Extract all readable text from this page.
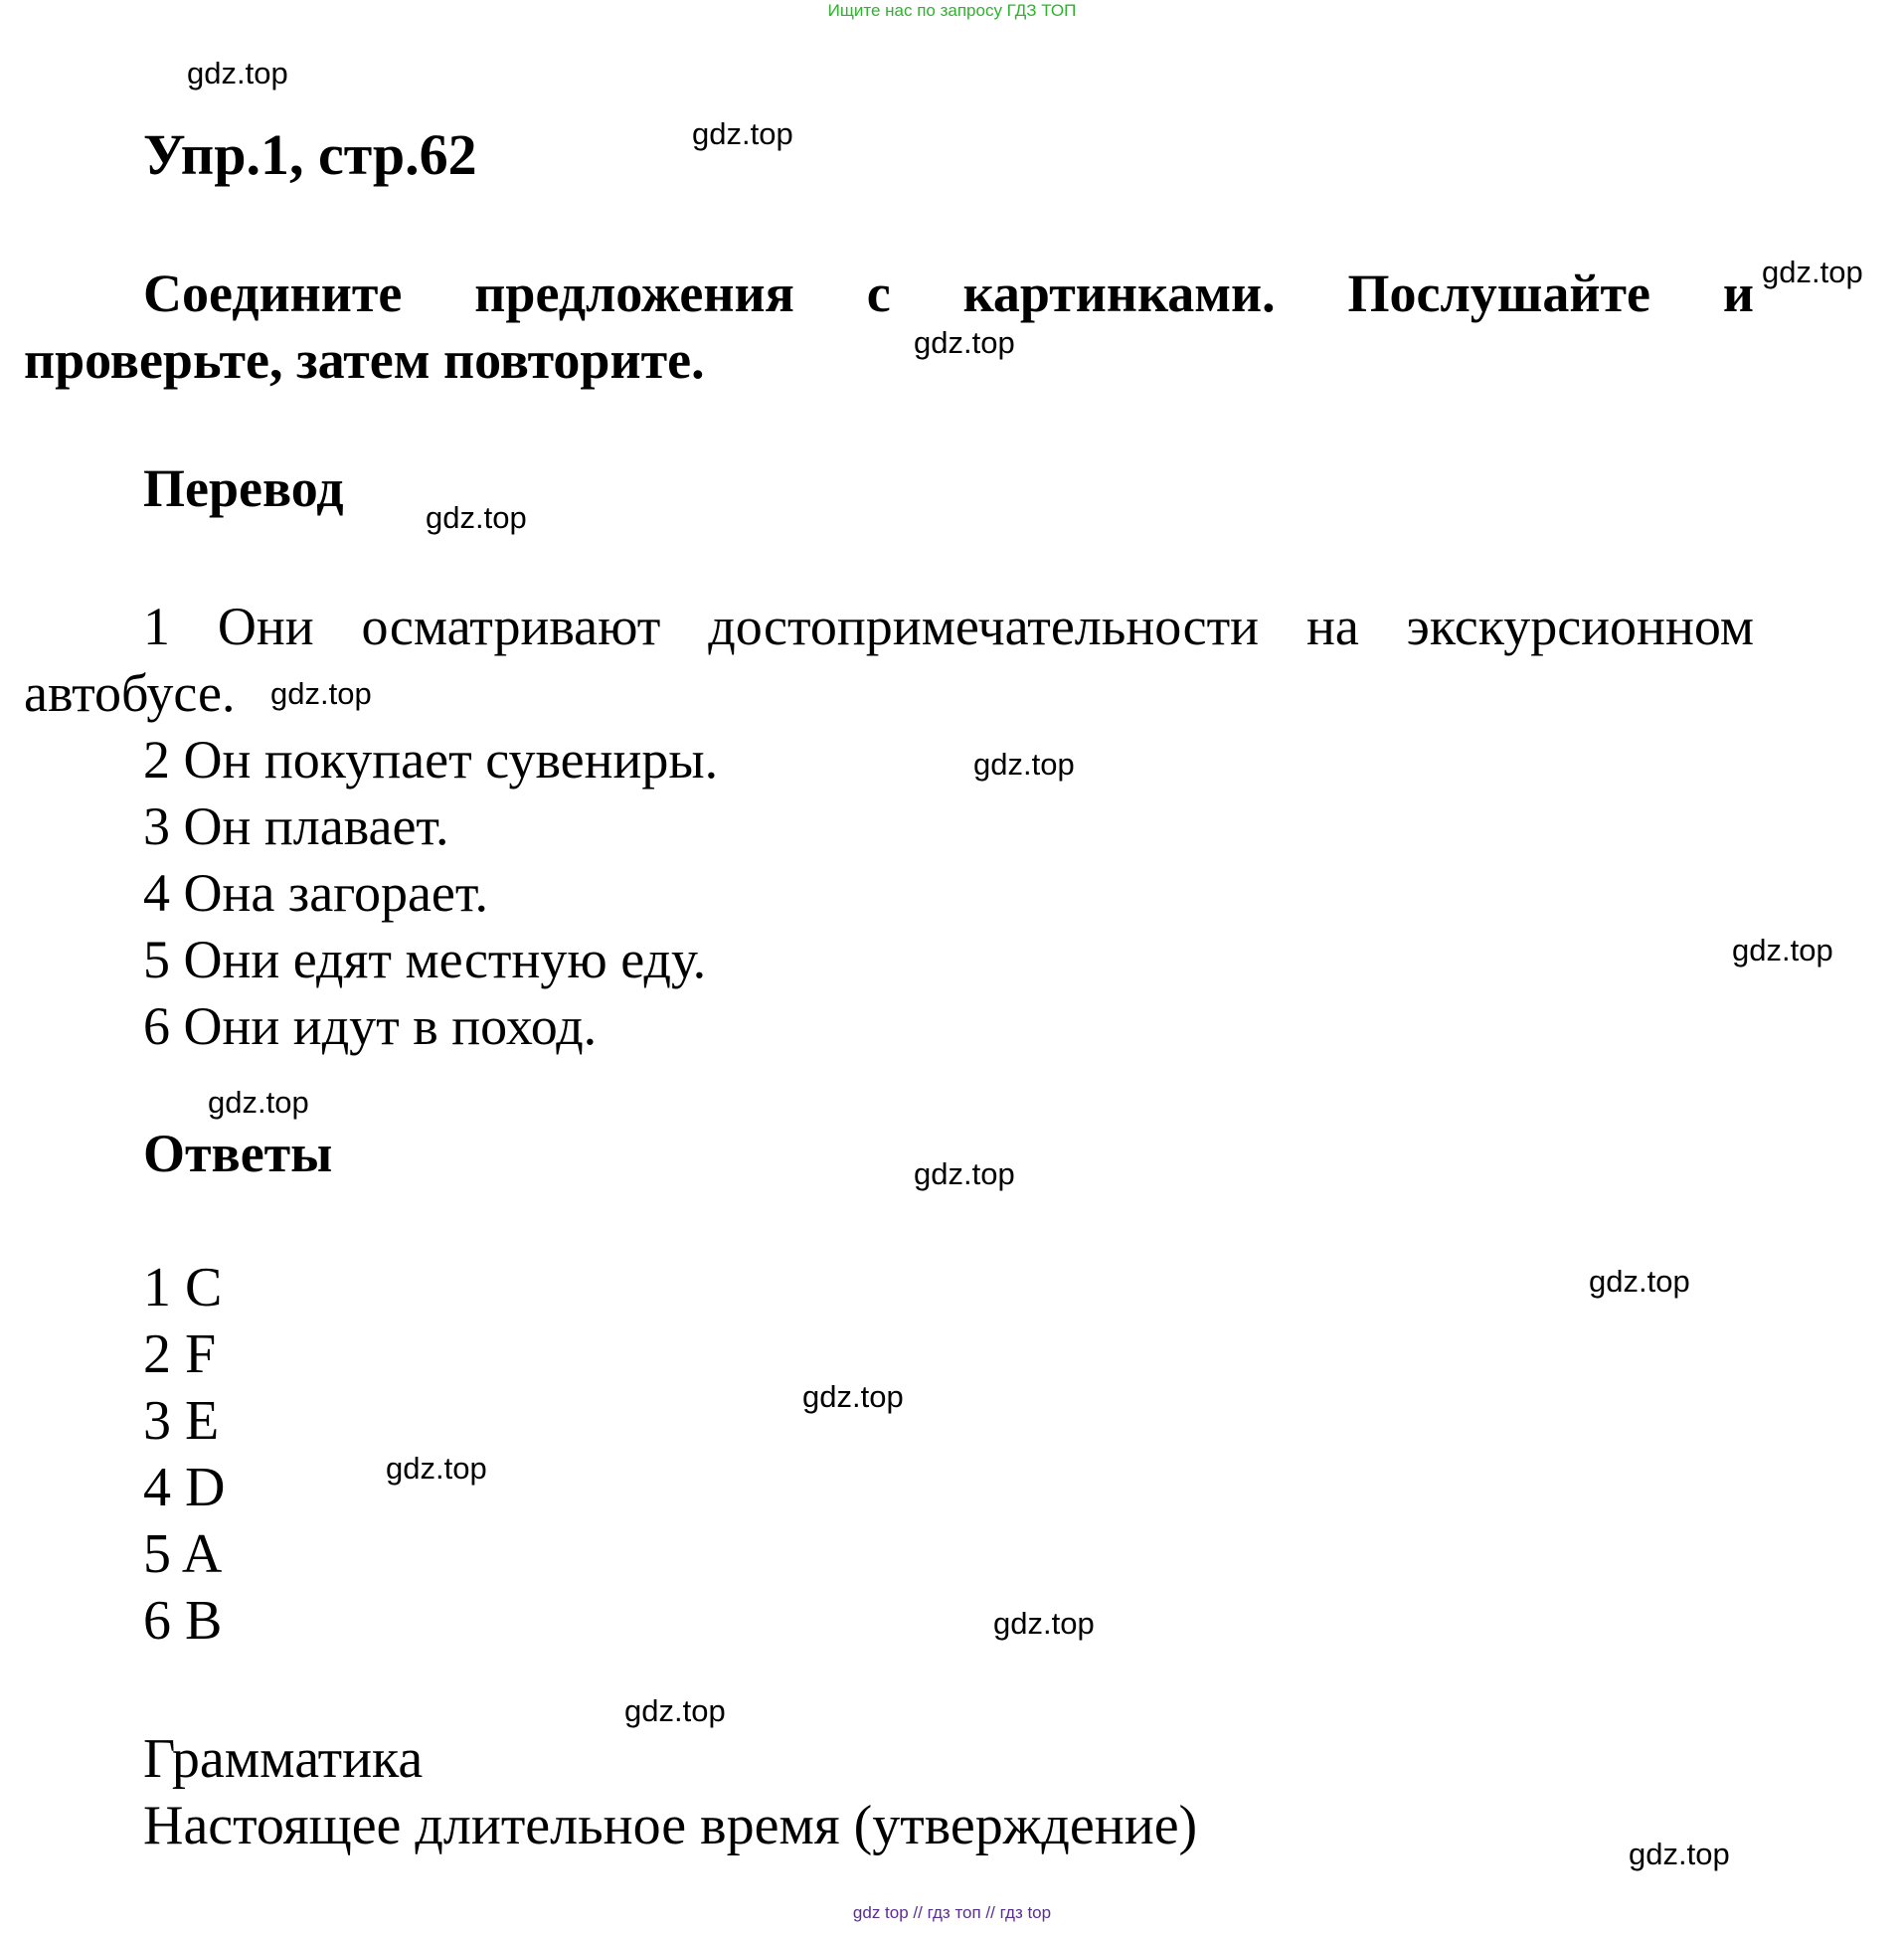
Ищите нас по запросу ГДЗ ТОП
Упр.1, стр.62
Соедините предложения с картинками. Послушайте и
проверьте, затем повторите.
Перевод
1 Они осматривают достопримечательности на экскурсионном
автобусе.
2 Он покупает сувениры.
3 Он плавает.
4 Она загорает.
5 Они едят местную еду.
6 Они идут в поход.
Ответы
1 C
2 F
3 E
4 D
5 A
6 B
Грамматика
Настоящее длительное время (утверждение)
gdz.top
gdz.top
gdz.top
gdz.top
gdz.top
gdz.top
gdz.top
gdz.top
gdz.top
gdz.top
gdz.top
gdz.top
gdz.top
gdz.top
gdz.top
gdz.top
gdz top // гдз топ // гдз top
